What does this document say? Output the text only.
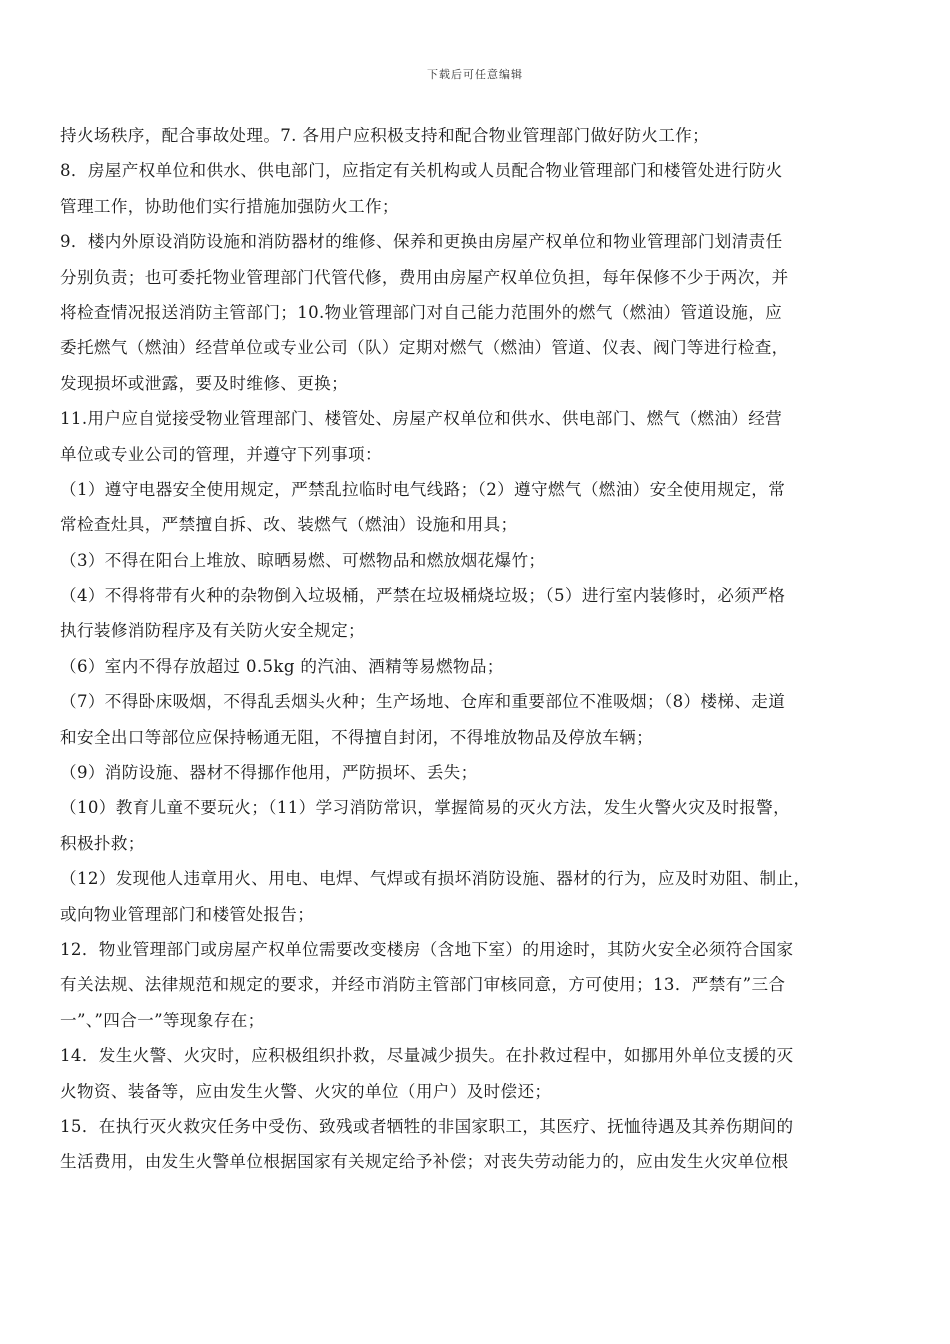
下载后可任意编辑
持火场秩序，配合事故处理。7. 各用户应积极支持和配合物业管理部门做好防火工作；
8．房屋产权单位和供水、供电部门，应指定有关机构或人员配合物业管理部门和楼管处进行防火
管理工作，协助他们实行措施加强防火工作；
9．楼内外原设消防设施和消防器材的维修、保养和更换由房屋产权单位和物业管理部门划清责任
分别负责；也可委托物业管理部门代管代修，费用由房屋产权单位负担，每年保修不少于两次，并
将检查情况报送消防主管部门；10.物业管理部门对自己能力范围外的燃气（燃油）管道设施，应
委托燃气（燃油）经营单位或专业公司（队）定期对燃气（燃油）管道、仪表、阀门等进行检查，
发现损坏或泄露，要及时维修、更换；
11.用户应自觉接受物业管理部门、楼管处、房屋产权单位和供水、供电部门、燃气（燃油）经营
单位或专业公司的管理，并遵守下列事项：
（1）遵守电器安全使用规定，严禁乱拉临时电气线路；（2）遵守燃气（燃油）安全使用规定，常
常检查灶具，严禁擅自拆、改、装燃气（燃油）设施和用具；
（3）不得在阳台上堆放、晾晒易燃、可燃物品和燃放烟花爆竹；
（4）不得将带有火种的杂物倒入垃圾桶，严禁在垃圾桶烧垃圾；（5）进行室内装修时，必须严格
执行装修消防程序及有关防火安全规定；
（6）室内不得存放超过 0.5kg 的汽油、酒精等易燃物品；
（7）不得卧床吸烟，不得乱丢烟头火种；生产场地、仓库和重要部位不准吸烟；（8）楼梯、走道
和安全出口等部位应保持畅通无阻，不得擅自封闭，不得堆放物品及停放车辆；
（9）消防设施、器材不得挪作他用，严防损坏、丢失；
（10）教育儿童不要玩火；（11）学习消防常识，掌握简易的灭火方法，发生火警火灾及时报警，
积极扑救；
（12）发现他人违章用火、用电、电焊、气焊或有损坏消防设施、器材的行为，应及时劝阻、制止，
或向物业管理部门和楼管处报告；
12．物业管理部门或房屋产权单位需要改变楼房（含地下室）的用途时，其防火安全必须符合国家
有关法规、法律规范和规定的要求，并经市消防主管部门审核同意，方可使用；13．严禁有”三合
一”、”四合一”等现象存在；
14．发生火警、火灾时，应积极组织扑救，尽量减少损失。在扑救过程中，如挪用外单位支援的灭
火物资、装备等，应由发生火警、火灾的单位（用户）及时偿还；
15．在执行灭火救灾任务中受伤、致残或者牺牲的非国家职工，其医疗、抚恤待遇及其养伤期间的
生活费用，由发生火警单位根据国家有关规定给予补偿；对丧失劳动能力的，应由发生火灾单位根
